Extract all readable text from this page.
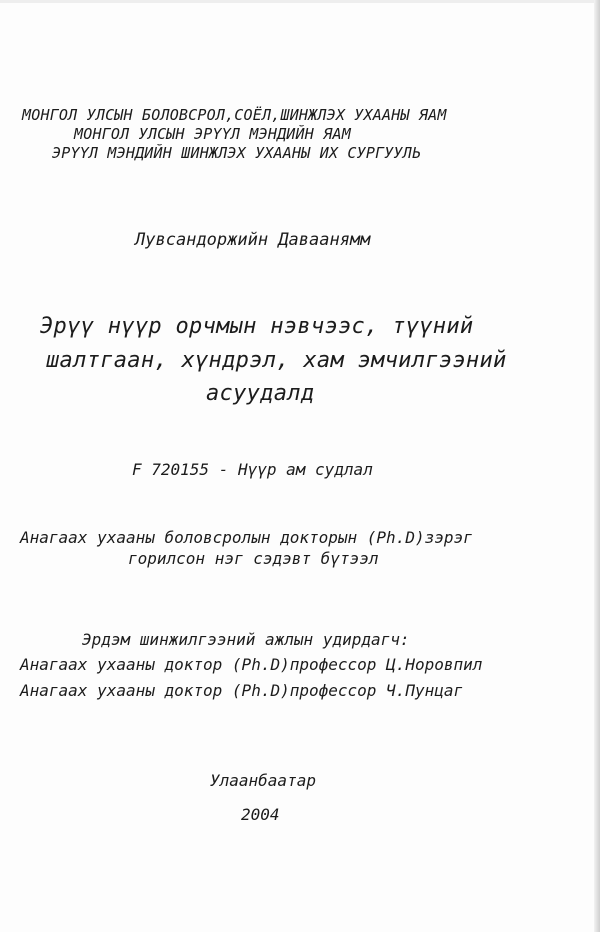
МОНГОЛ УЛСЫН БОЛОВСРОЛ,СОЁЛ,ШИНЖЛЭХ УХААНЫ ЯАМ
МОНГОЛ УЛСЫН ЭРҮҮЛ МЭНДИЙН ЯАМ
ЭРҮҮЛ МЭНДИЙН ШИНЖЛЭХ УХААНЫ ИХ СУРГУУЛЬ
Лувсандоржийн Даваанямм
Эрүү нүүр орчмын нэвчээс, түүний
шалтгаан, хүндрэл, хам эмчилгээний
асуудалд
F 720155 - Нүүр ам судлал
Анагаах ухааны боловсролын докторын (Ph.D)зэрэг
горилсон нэг сэдэвт бүтээл
Эрдэм шинжилгээний ажлын удирдагч:
Анагаах ухааны доктор (Ph.D)профессор Ц.Норовпил
Анагаах ухааны доктор (Ph.D)профессор Ч.Пунцаг
Улаанбаатар
2004
